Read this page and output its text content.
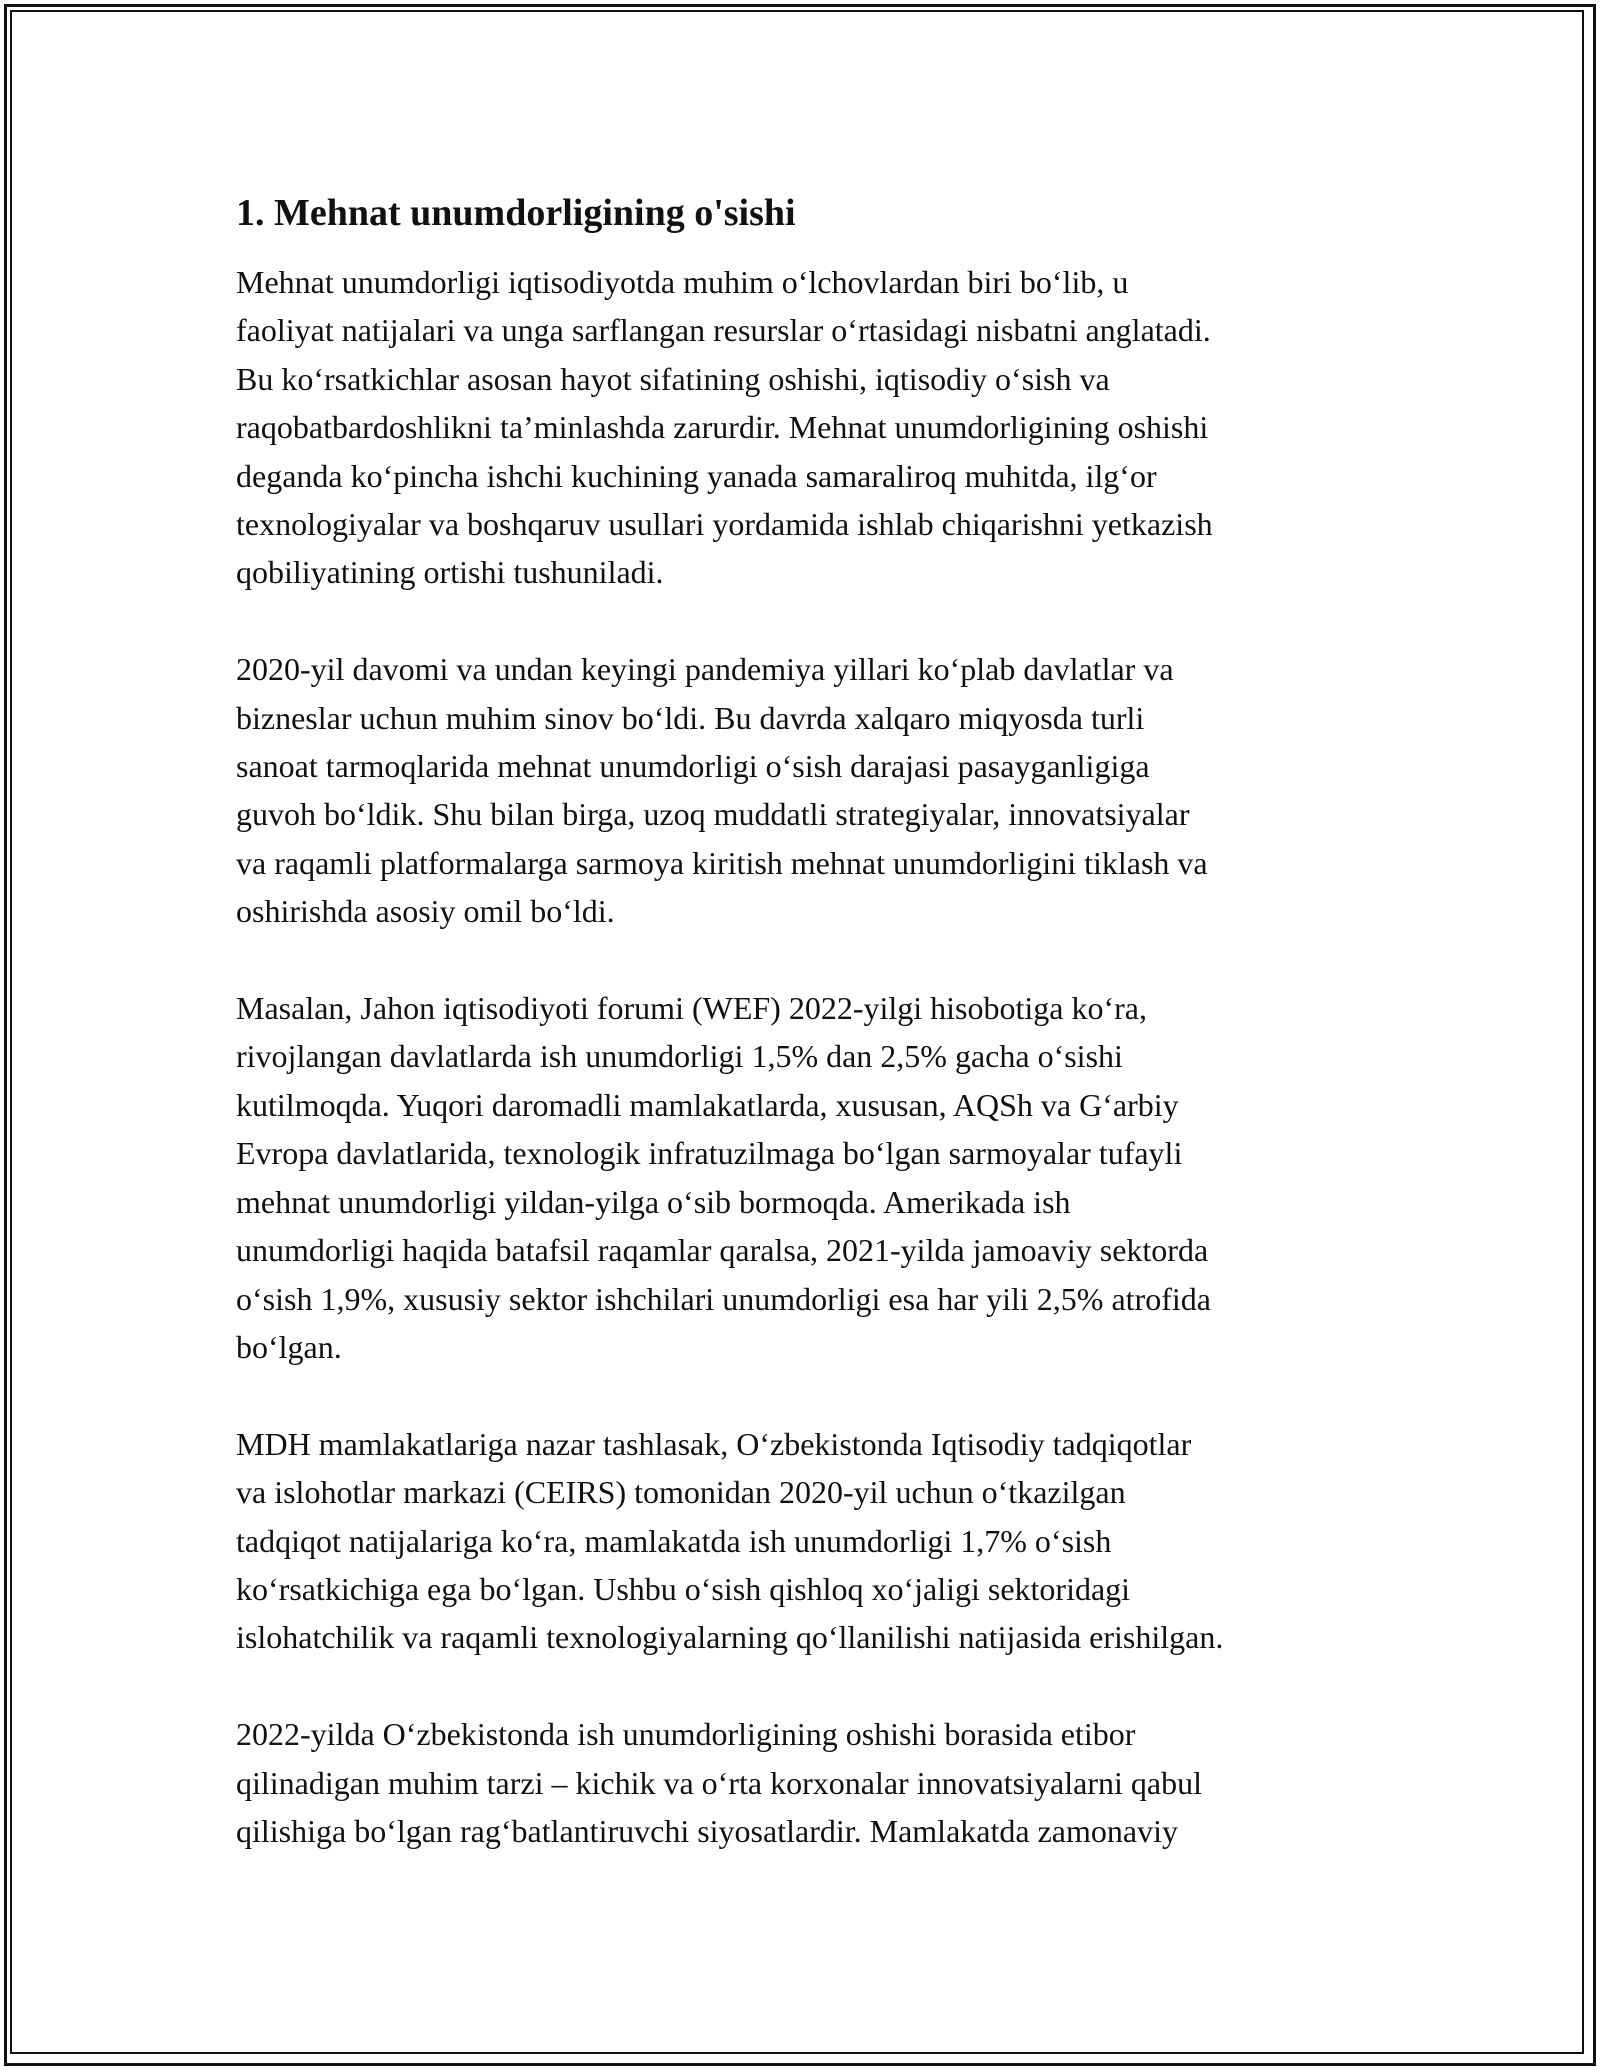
1. Mehnat unumdorligining o'sishi

Mehnat unumdorligi iqtisodiyotda muhim o‘lchovlardan biri bo‘lib, u
faoliyat natijalari va unga sarflangan resurslar o‘rtasidagi nisbatni anglatadi.
Bu ko‘rsatkichlar asosan hayot sifatining oshishi, iqtisodiy o‘sish va
raqobatbardoshlikni ta’minlashda zarurdir. Mehnat unumdorligining oshishi
deganda ko‘pincha ishchi kuchining yanada samaraliroq muhitda, ilg‘or
texnologiyalar va boshqaruv usullari yordamida ishlab chiqarishni yetkazish
qobiliyatining ortishi tushuniladi.

2020-yil davomi va undan keyingi pandemiya yillari ko‘plab davlatlar va
bizneslar uchun muhim sinov bo‘ldi. Bu davrda xalqaro miqyosda turli
sanoat tarmoqlarida mehnat unumdorligi o‘sish darajasi pasayganligiga
guvoh bo‘ldik. Shu bilan birga, uzoq muddatli strategiyalar, innovatsiyalar
va raqamli platformalarga sarmoya kiritish mehnat unumdorligini tiklash va
oshirishda asosiy omil bo‘ldi.

Masalan, Jahon iqtisodiyoti forumi (WEF) 2022-yilgi hisobotiga ko‘ra,
rivojlangan davlatlarda ish unumdorligi 1,5% dan 2,5% gacha o‘sishi
kutilmoqda. Yuqori daromadli mamlakatlarda, xususan, AQSh va G‘arbiy
Evropa davlatlarida, texnologik infratuzilmaga bo‘lgan sarmoyalar tufayli
mehnat unumdorligi yildan-yilga o‘sib bormoqda. Amerikada ish
unumdorligi haqida batafsil raqamlar qaralsa, 2021-yilda jamoaviy sektorda
o‘sish 1,9%, xususiy sektor ishchilari unumdorligi esa har yili 2,5% atrofida
bo‘lgan.

MDH mamlakatlariga nazar tashlasak, O‘zbekistonda Iqtisodiy tadqiqotlar
va islohotlar markazi (CEIRS) tomonidan 2020-yil uchun o‘tkazilgan
tadqiqot natijalariga ko‘ra, mamlakatda ish unumdorligi 1,7% o‘sish
ko‘rsatkichiga ega bo‘lgan. Ushbu o‘sish qishloq xo‘jaligi sektoridagi
islohatchilik va raqamli texnologiyalarning qo‘llanilishi natijasida erishilgan.

2022-yilda O‘zbekistonda ish unumdorligining oshishi borasida etibor
qilinadigan muhim tarzi – kichik va o‘rta korxonalar innovatsiyalarni qabul
qilishiga bo‘lgan rag‘batlantiruvchi siyosatlardir. Mamlakatda zamonaviy
